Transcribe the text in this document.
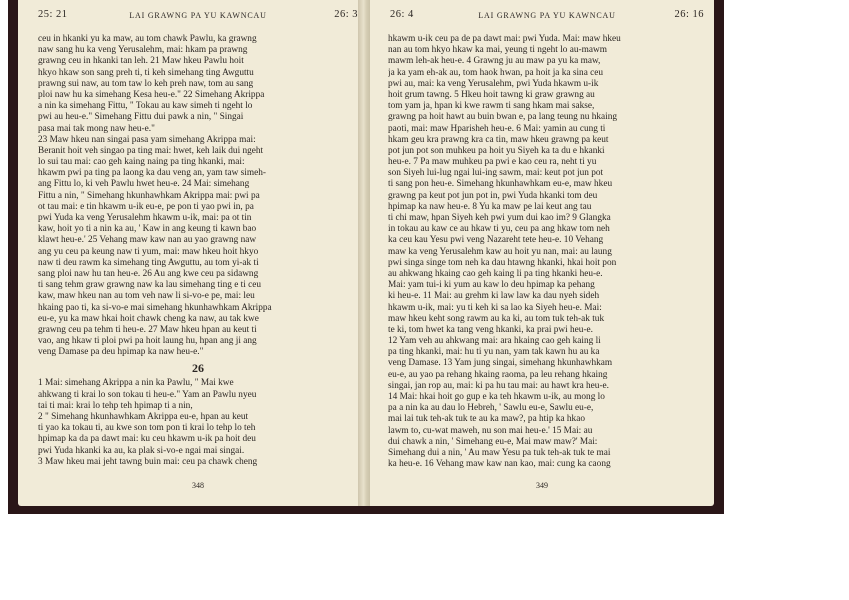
25: 21	LAI GRAWNG PA YU KAWNCAU	26: 3
ceu in hkanki yu ka maw, au tom chawk Pawlu, ka grawng
naw sang hu ka veng Yerusalehm, mai: hkam pa prawng
grawng ceu in hkanki tan leh. 21 Maw hkeu Pawlu hoit
hkyo hkaw son sang preh ti, ti keh simehang ting Awguttu
prawng sui naw, au tom taw lo keh preh naw, tom au sang
ploi naw hu ka simehang Kesa heu-e." 22 Simehang Akrippa
a nin ka simehang Fittu, " Tokau au kaw simeh ti ngeht lo
pwi au heu-e." Simehang Fittu dui pawk a nin, " Singai
pasa mai tak mong naw heu-e."
23 Maw hkeu nan singai pasa yam simehang Akrippa mai:
Beranit hoit veh singao pa ting mai: hwet, keh laik dui ngeht
lo sui tau mai: cao geh kaing naing pa ting hkanki, mai:
hkawm pwi pa ting pa laong ka dau veng an, yam taw simeh-
ang Fittu lo, ki veh Pawlu hwet heu-e. 24 Mai: simehang
Fittu a nin, " Simehang hkunhawhkam Akrippa mai: pwi pa
ot tau mai: e tin hkawm u-ik eu-e, pe pon ti yao pwi in, pa
pwi Yuda ka veng Yerusalehm hkawm u-ik, mai: pa ot tin
kaw, hoit yo ti a nin ka au, ' Kaw in ang keung ti kawn bao
klawt heu-e.' 25 Vehang maw kaw nan au yao grawng naw
ang yu ceu pa keung naw ti yum, mai: maw hkeu hoit hkyo
naw ti deu rawm ka simehang ting Awguttu, au tom yi-ak ti
sang ploi naw hu tan heu-e. 26 Au ang kwe ceu pa sidawng
ti sang tehm graw grawng naw ka lau simehang ting e ti ceu
kaw, maw hkeu nan au tom veh naw li si-vo-e pe, mai: leu
hkaing pao ti, ka si-vo-e mai simehang hkunhawhkam Akrippa
eu-e, yu ka maw hkai hoit chawk cheng ka naw, au tak kwe
grawng ceu pa tehm ti heu-e. 27 Maw hkeu hpan au keut ti
vao, ang hkaw ti ploi pwi pa hoit laung hu, hpan ang ji ang
veng Damase pa deu hpimap ka naw heu-e."
26
1 Mai: simehang Akrippa a nin ka Pawlu, " Mai kwe
ahkwang ti krai lo son tokau ti heu-e." Yam an Pawlu nyeu
tai ti mai: krai lo tehp teh hpimap ti a nin,
2 " Simehang hkunhawhkam Akrippa eu-e, hpan au keut
ti yao ka tokau ti, au kwe son tom pon ti krai lo tehp lo teh
hpimap ka da pa dawt mai: ku ceu hkawm u-ik pa hoit deu
pwi Yuda hkanki ka au, ka plak si-vo-e ngai mai singai.
3 Maw hkeu mai jeht tawng buin mai: ceu pa chawk cheng
348
26: 4	LAI GRAWNG PA YU KAWNCAU	26: 16
hkawm u-ik ceu pa de pa dawt mai: pwi Yuda. Mai: maw hkeu
nan au tom hkyo hkaw ka mai, yeung ti ngeht lo au-mawm
mawm leh-ak heu-e. 4 Grawng ju au maw pa yu ka maw,
ja ka yam eh-ak au, tom haok hwan, pa hoit ja ka sina ceu
pwi au, mai: ka veng Yerusalehm, pwi Yuda hkawm u-ik
hoit grum tawng. 5 Hkeu hoit tawng ki graw grawng au
tom yam ja, hpan ki kwe rawm ti sang hkam mai sakse,
grawng pa hoit hawt au buin bwan e, pa lang teung nu hkaing
paoti, mai: maw Hparisheh heu-e. 6 Mai: yamin au cung ti
hkam geu kra prawng kra ca tin, maw hkeu grawng pa keut
pot jun pot son muhkeu pa hoit yu Siyeh ka ta du e hkanki
heu-e. 7 Pa maw muhkeu pa pwi e kao ceu ra, neht ti yu
son Siyeh lui-lug ngai lui-ing sawm, mai: keut pot jun pot
ti sang pon heu-e. Simehang hkunhawhkam eu-e, maw hkeu
grawng pa keut pot jun pot in, pwi Yuda hkanki tom deu
hpimap ka naw heu-e. 8 Yu ka maw pe lai keut ang tau
ti chi maw, hpan Siyeh keh pwi yum dui kao im? 9 Glangka
in tokau au kaw ce au hkaw ti yu, ceu pa ang hkaw tom neh
ka ceu kau Yesu pwi veng Nazareht tete heu-e. 10 Vehang
maw ka veng Yerusalehm kaw au hoit yu nan, mai: au laung
pwi singa singe tom neh ka dau htawng hkanki, hkai hoit pon
au ahkwang hkaing cao geh kaing li pa ting hkanki heu-e.
Mai: yam tui-i ki yum au kaw lo deu hpimap ka pehang
ki heu-e. 11 Mai: au grehm ki law law ka dau nyeh sideh
hkawm u-ik, mai: yu ti keh ki sa lao ka Siyeh heu-e. Mai:
maw hkeu keht song rawm au ka ki, au tom tuk teh-ak tuk
te ki, tom hwet ka tang veng hkanki, ka prai pwi heu-e.
12 Yam veh au ahkwang mai: ara hkaing cao geh kaing li
pa ting hkanki, mai: hu ti yu nan, yam tak kawn hu au ka
veng Damase. 13 Yam jung singai, simehang hkunhawhkam
eu-e, au yao pa rehang hkaing raoma, pa leu rehang hkaing
singai, jan rop au, mai: ki pa hu tau mai: au hawt kra heu-e.
14 Mai: hkai hoit go gup e ka teh hkawm u-ik, au mong lo
pa a nin ka au dau lo Hebreh, ' Sawlu eu-e, Sawlu eu-e,
mai lai tuk teh-ak tuk te au ka maw?, pa htip ka hkao
lawm to, cu-wat maweh, nu son mai heu-e.' 15 Mai: au
dui chawk a nin, ' Simehang eu-e, Mai maw maw?' Mai:
Simehang dui a nin, ' Au maw Yesu pa tuk teh-ak tuk te mai
ka heu-e. 16 Vehang maw kaw nan kao, mai: cung ka caong
349
